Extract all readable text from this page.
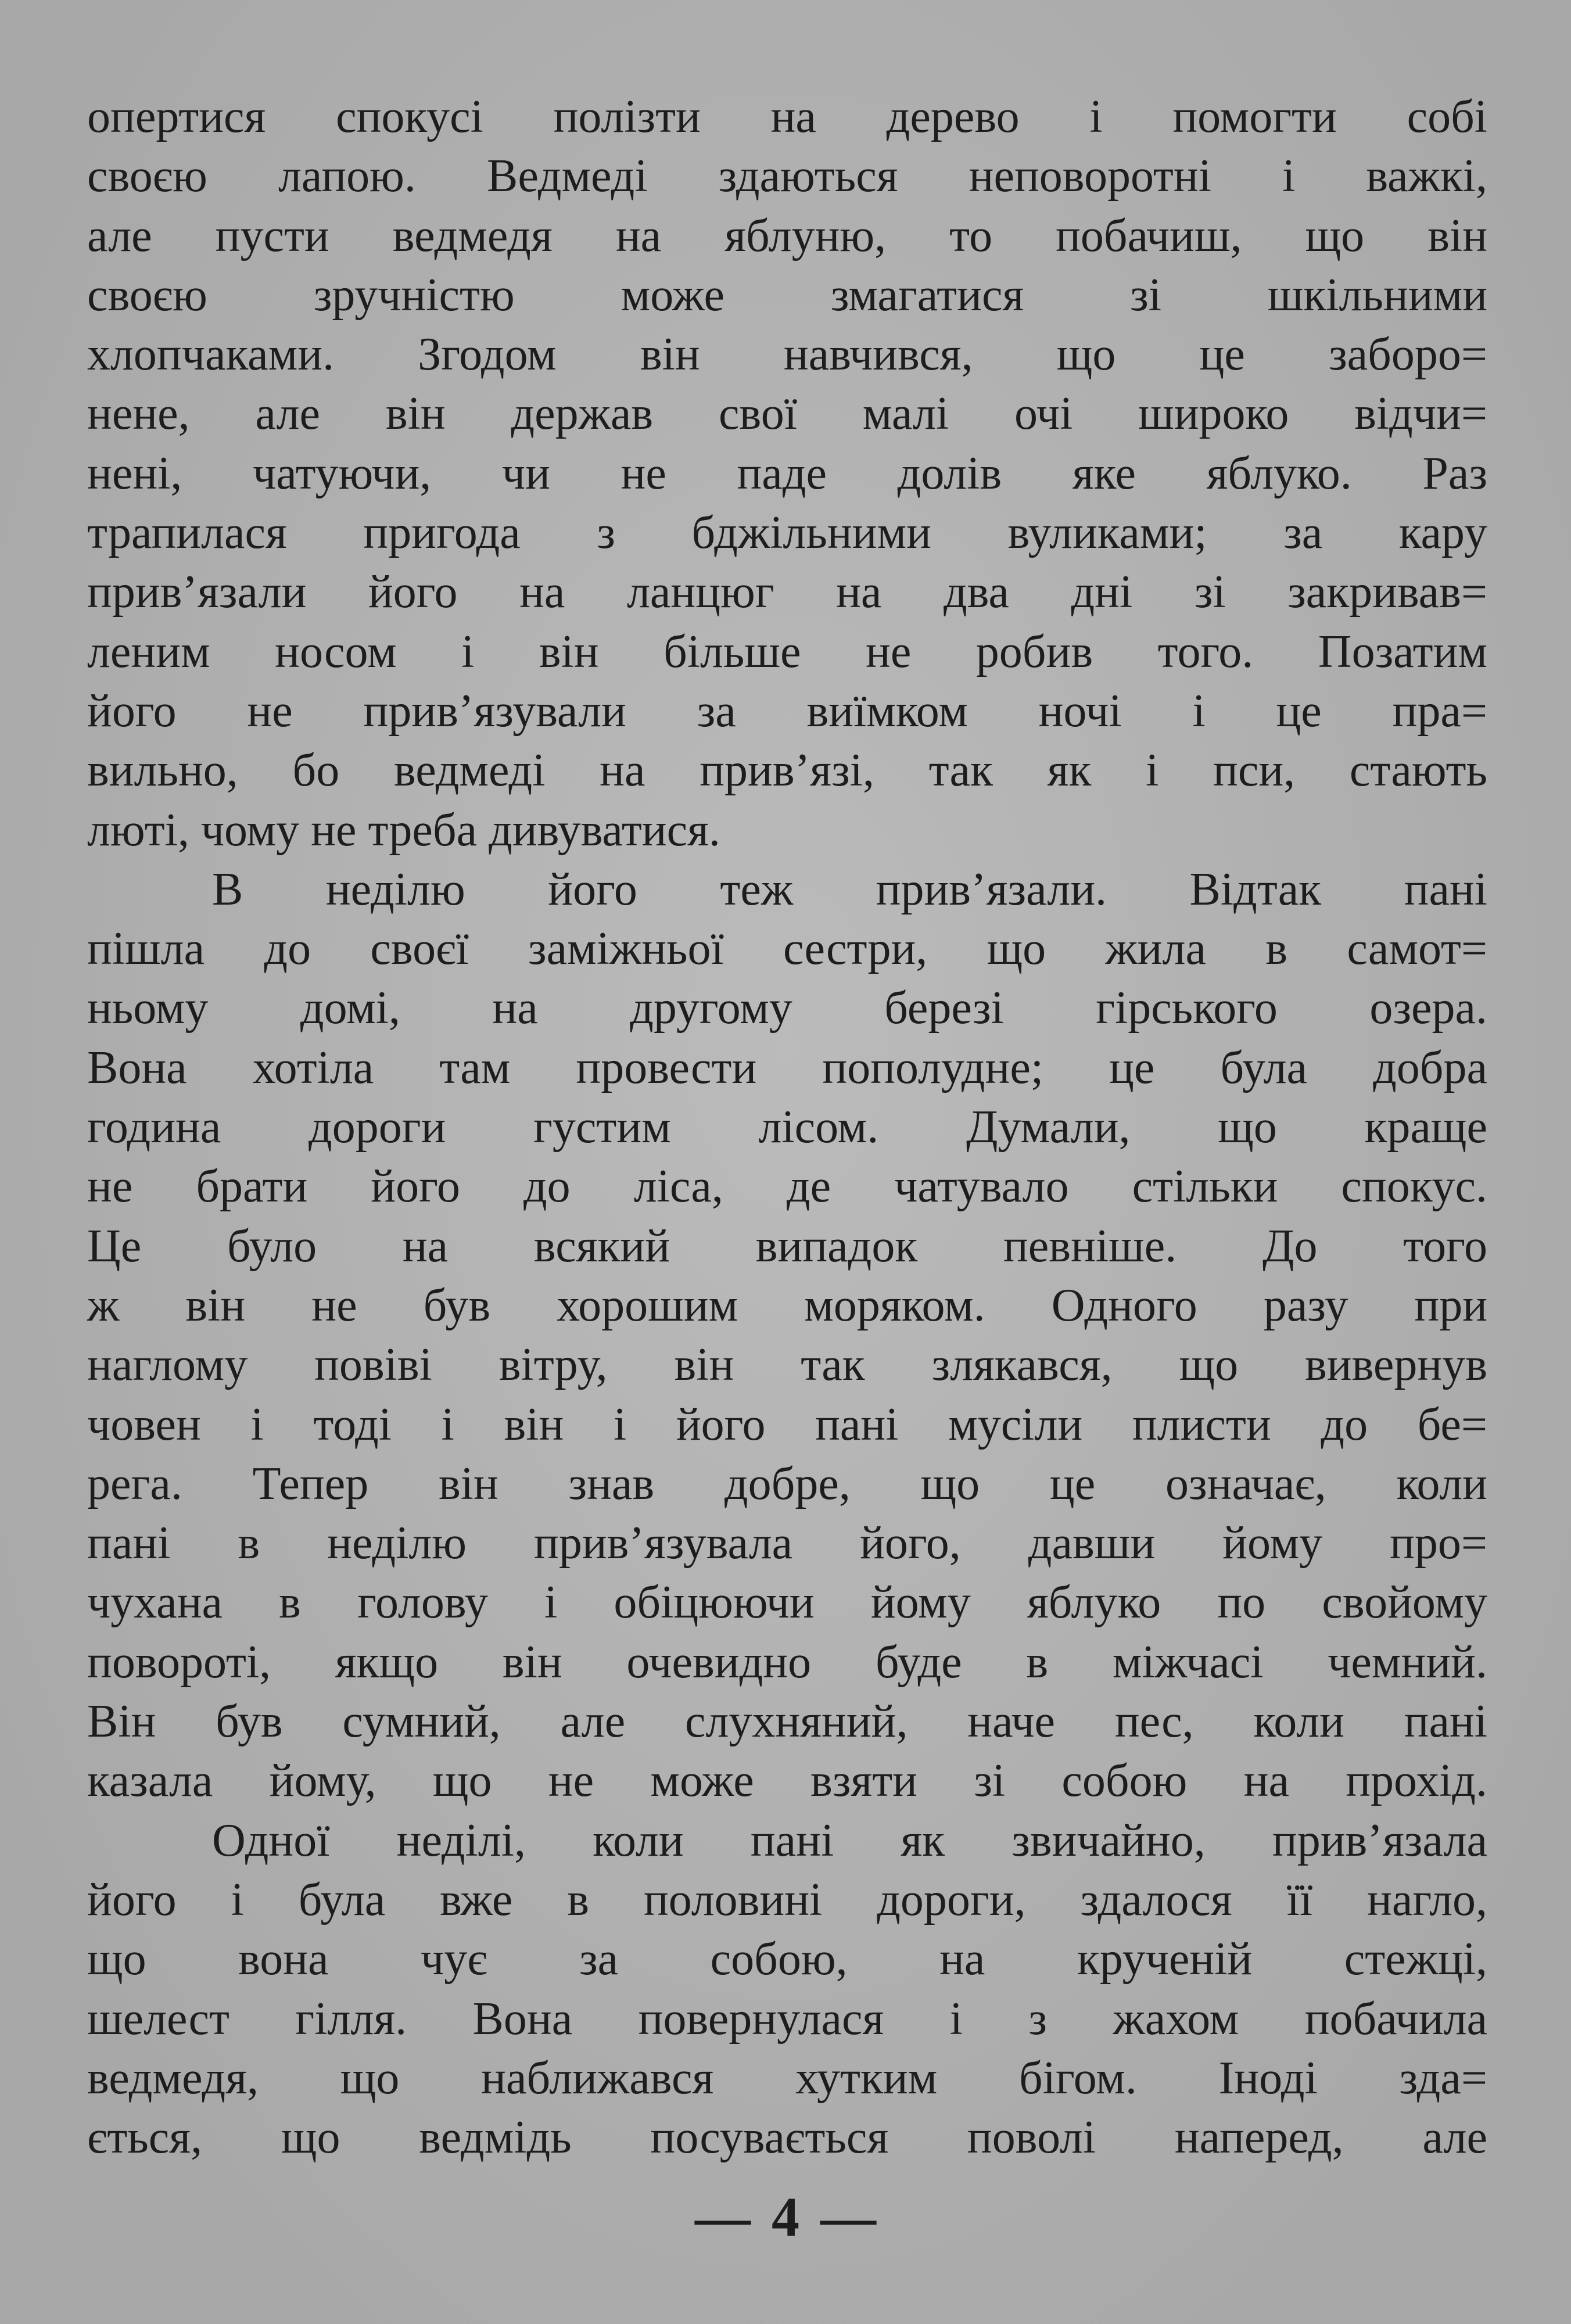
опертися спокусі полізти на дерево і помогти собі

своєю лапою. Ведмеді здаються неповоротні і важкі,

але пусти ведмедя на яблуню, то побачиш, що він

своєю зручністю може змагатися зі шкільними

хлопчаками. Згодом він навчився, що це заборо=

нене, але він держав свої малі очі широко відчи=

нені, чатуючи, чи не паде долів яке яблуко. Раз

трапилася пригода з бджільними вуликами; за кару

прив’язали його на ланцюг на два дні зі закривав=

леним носом і він більше не робив того. Позатим

його не прив’язували за виїмком ночі і це пра=

вильно, бо ведмеді на прив’язі, так як і пси, стають

люті, чому не треба дивуватися.

В неділю його теж прив’язали. Відтак пані

пішла до своєї заміжньої сестри, що жила в самот=

ньому домі, на другому березі гірського озера.

Вона хотіла там провести пополудне; це була добра

година дороги густим лісом. Думали, що краще

не брати його до ліса, де чатувало стільки спокус.

Це було на всякий випадок певніше. До того

ж він не був хорошим моряком. Одного разу при

наглому повіві вітру, він так злякався, що вивернув

човен і тоді і він і його пані мусіли плисти до бе=

рега. Тепер він знав добре, що це означає, коли

пані в неділю прив’язувала його, давши йому про=

чухана в голову і обіцюючи йому яблуко по свойому

повороті, якщо він очевидно буде в міжчасі чемний.

Він був сумний, але слухняний, наче пес, коли пані

казала йому, що не може взяти зі собою на прохід.

Одної неділі, коли пані як звичайно, прив’язала

його і була вже в половині дороги, здалося її нагло,

що вона чує за собою, на крученій стежці,

шелест гілля. Вона повернулася і з жахом побачила

ведмедя, що наближався хутким бігом. Іноді зда=

ється, що ведмідь посувається поволі наперед, але

— 4 —
